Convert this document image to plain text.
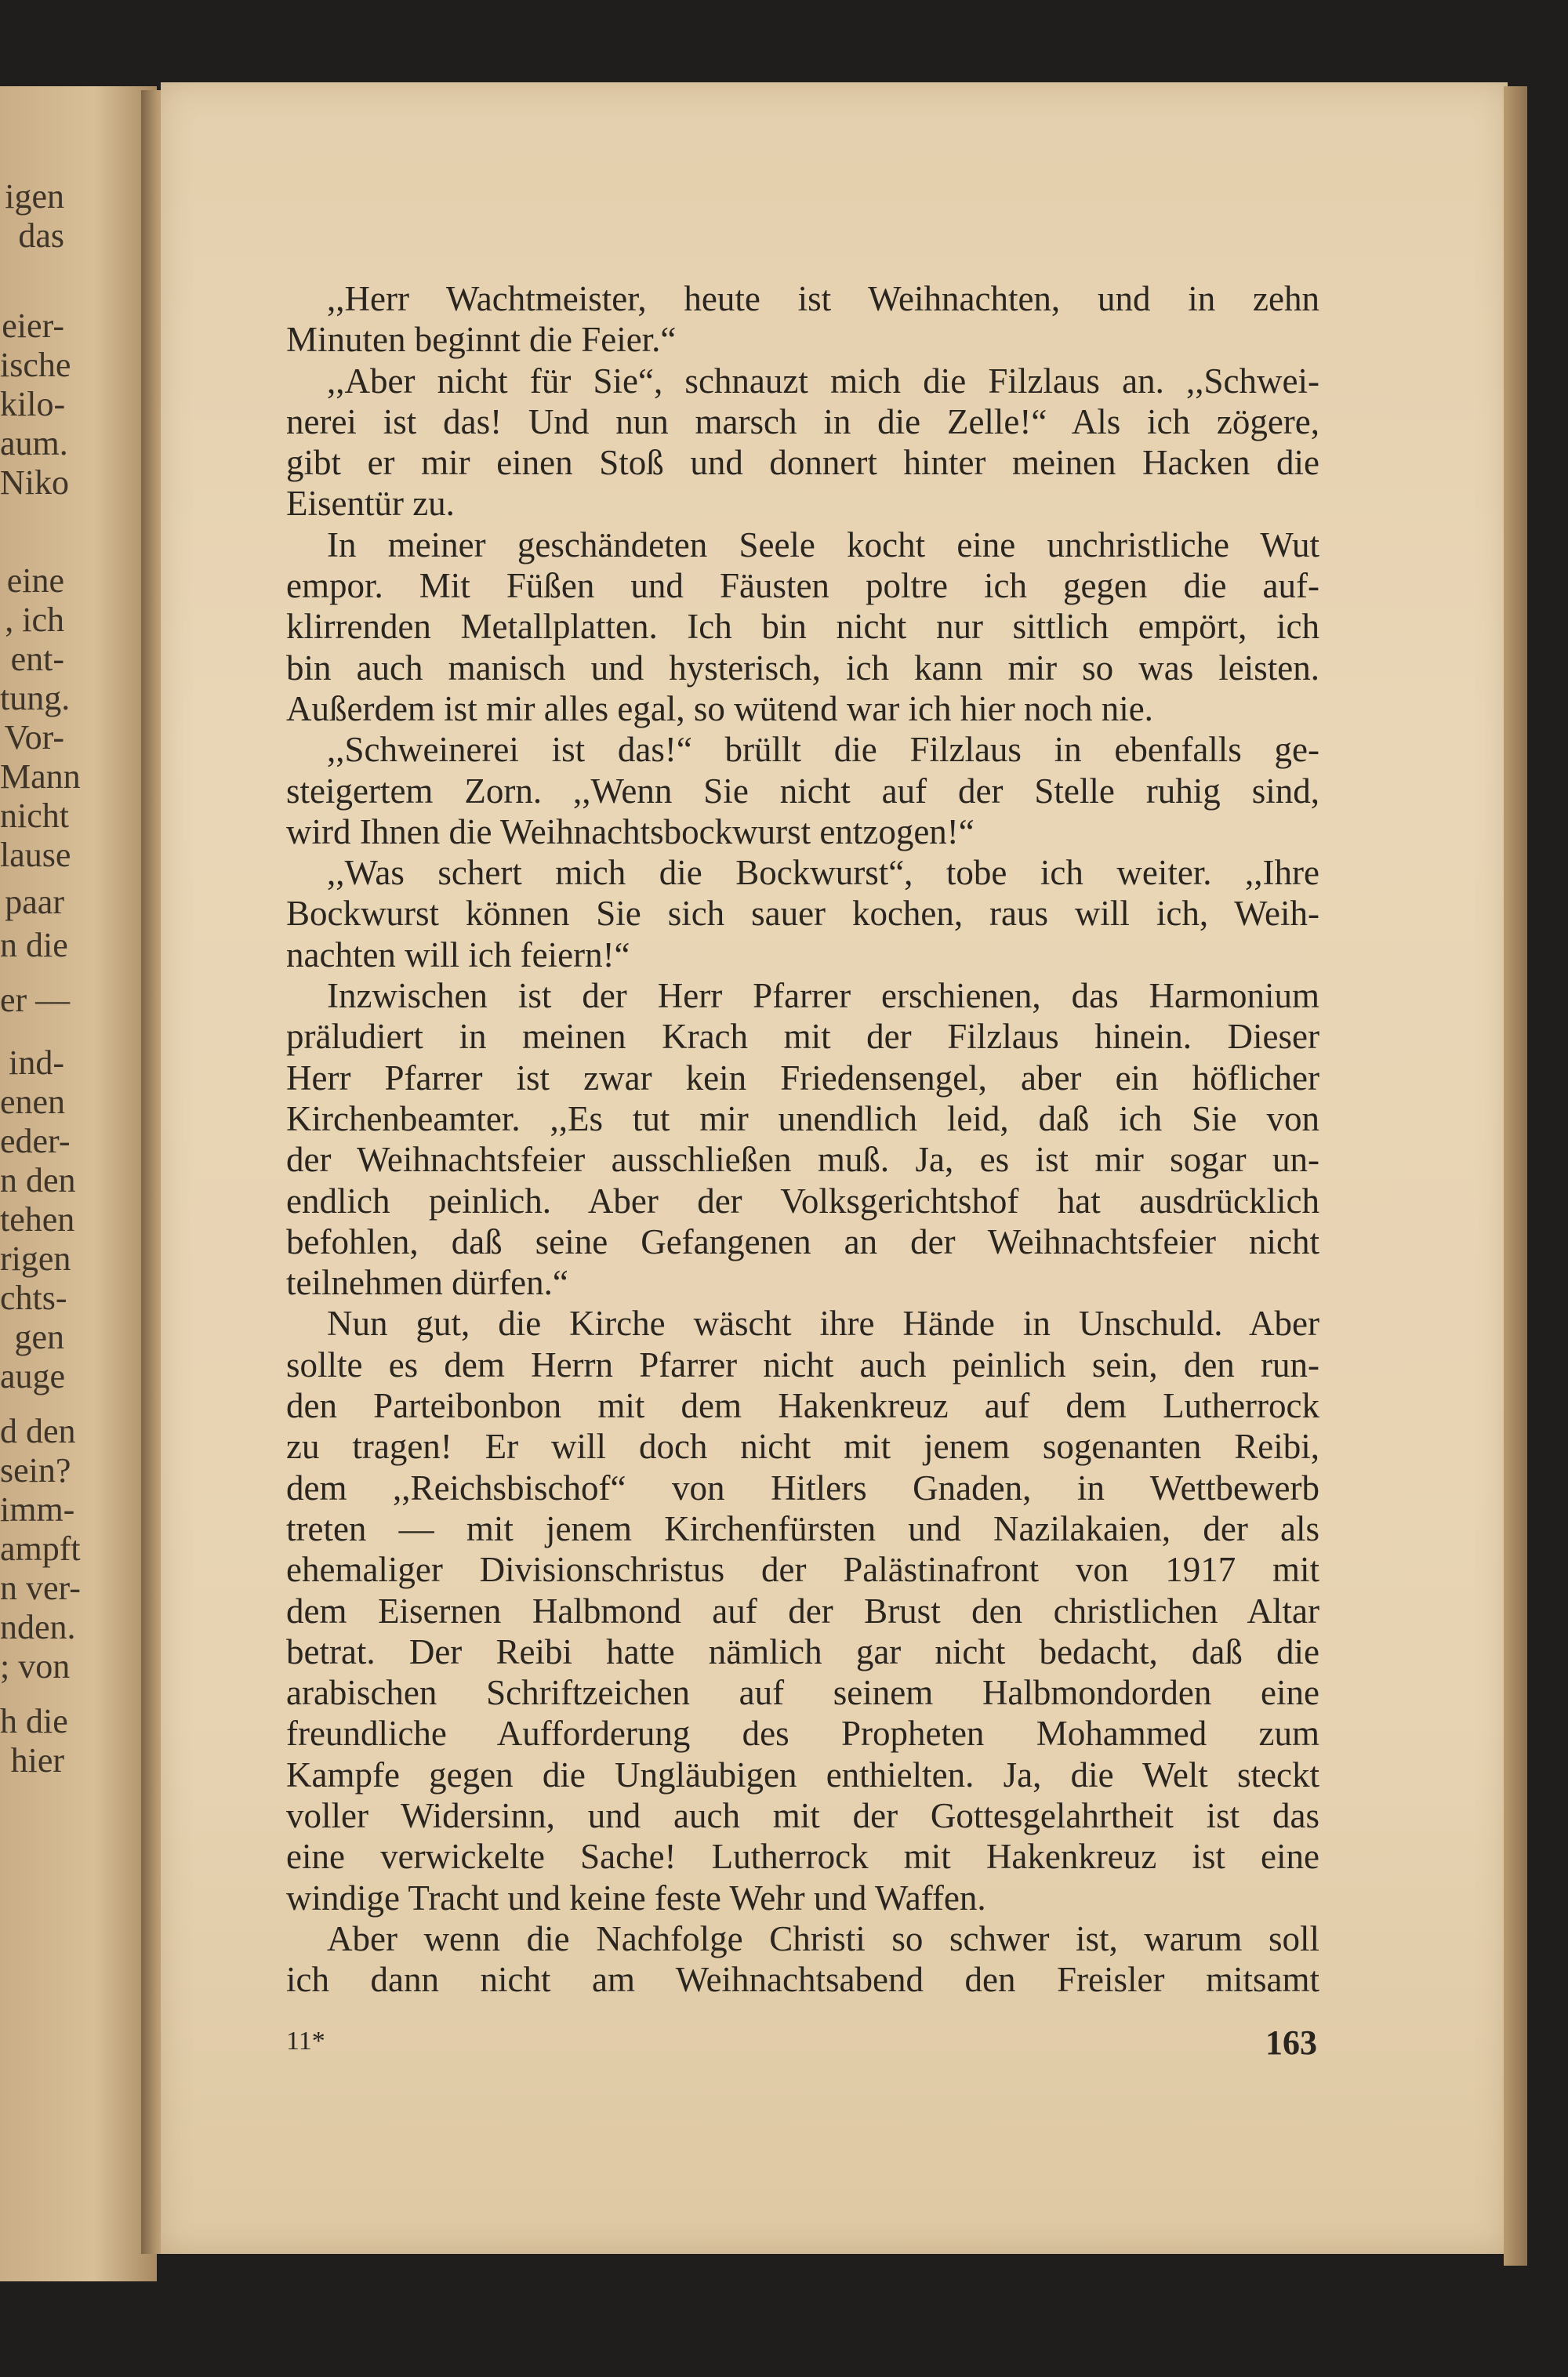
igen
das
eier-
ische
kilo-
aum.
Niko
eine
, ich
ent-
tung.
Vor-
Mann
nicht
lause
paar
n die
er —
ind-
enen
eder-
n den
tehen
rigen
chts-
gen
auge
d den
sein?
imm-
ampft
n ver-
nden.
; von
h die
hier
,,Herr Wachtmeister, heute ist Weihnachten, und in zehn
Minuten beginnt die Feier.“
,,Aber nicht für Sie“, schnauzt mich die Filzlaus an. ,,Schwei-
nerei ist das! Und nun marsch in die Zelle!“ Als ich zögere,
gibt er mir einen Stoß und donnert hinter meinen Hacken die
Eisentür zu.
In meiner geschändeten Seele kocht eine unchristliche Wut
empor. Mit Füßen und Fäusten poltre ich gegen die auf-
klirrenden Metallplatten. Ich bin nicht nur sittlich empört, ich
bin auch manisch und hysterisch, ich kann mir so was leisten.
Außerdem ist mir alles egal, so wütend war ich hier noch nie.
,,Schweinerei ist das!“ brüllt die Filzlaus in ebenfalls ge-
steigertem Zorn. ,,Wenn Sie nicht auf der Stelle ruhig sind,
wird Ihnen die Weihnachtsbockwurst entzogen!“
,,Was schert mich die Bockwurst“, tobe ich weiter. ,,Ihre
Bockwurst können Sie sich sauer kochen, raus will ich, Weih-
nachten will ich feiern!“
Inzwischen ist der Herr Pfarrer erschienen, das Harmonium
präludiert in meinen Krach mit der Filzlaus hinein. Dieser
Herr Pfarrer ist zwar kein Friedensengel, aber ein höflicher
Kirchenbeamter. ,,Es tut mir unendlich leid, daß ich Sie von
der Weihnachtsfeier ausschließen muß. Ja, es ist mir sogar un-
endlich peinlich. Aber der Volksgerichtshof hat ausdrücklich
befohlen, daß seine Gefangenen an der Weihnachtsfeier nicht
teilnehmen dürfen.“
Nun gut, die Kirche wäscht ihre Hände in Unschuld. Aber
sollte es dem Herrn Pfarrer nicht auch peinlich sein, den run-
den Parteibonbon mit dem Hakenkreuz auf dem Lutherrock
zu tragen! Er will doch nicht mit jenem sogenanten Reibi,
dem ,,Reichsbischof“ von Hitlers Gnaden, in Wettbewerb
treten — mit jenem Kirchenfürsten und Nazilakaien, der als
ehemaliger Divisionschristus der Palästinafront von 1917 mit
dem Eisernen Halbmond auf der Brust den christlichen Altar
betrat. Der Reibi hatte nämlich gar nicht bedacht, daß die
arabischen Schriftzeichen auf seinem Halbmondorden eine
freundliche Aufforderung des Propheten Mohammed zum
Kampfe gegen die Ungläubigen enthielten. Ja, die Welt steckt
voller Widersinn, und auch mit der Gottesgelahrtheit ist das
eine verwickelte Sache! Lutherrock mit Hakenkreuz ist eine
windige Tracht und keine feste Wehr und Waffen.
Aber wenn die Nachfolge Christi so schwer ist, warum soll
ich dann nicht am Weihnachtsabend den Freisler mitsamt
11*	163
